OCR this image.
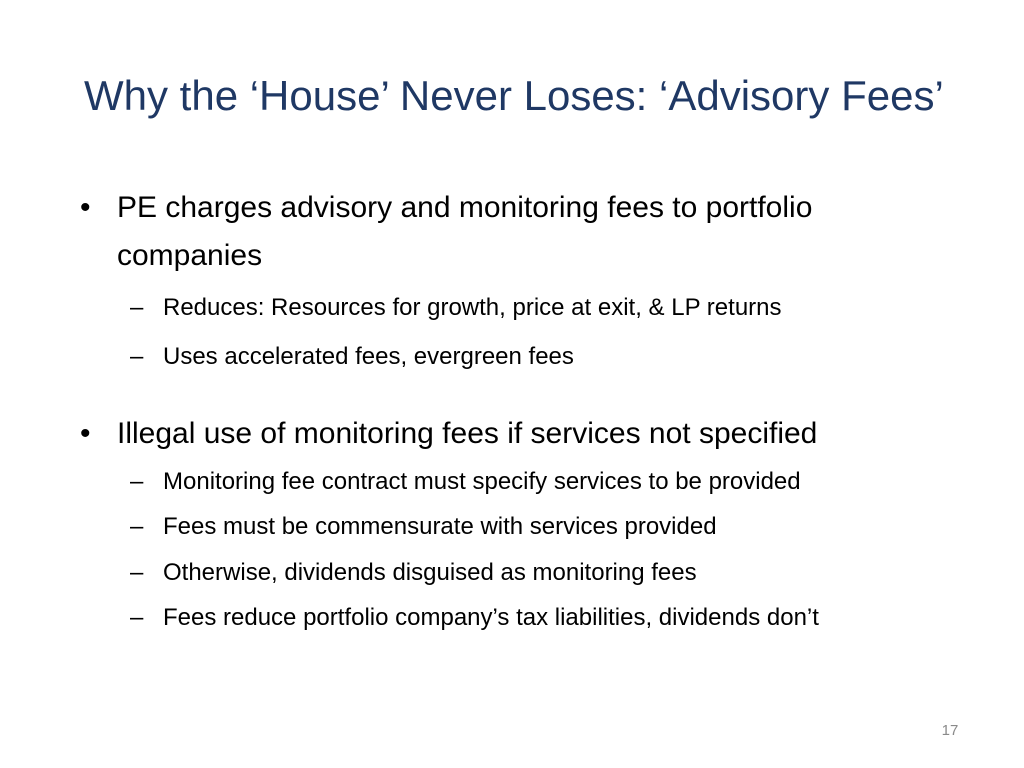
Why the ‘House’ Never Loses: ‘Advisory Fees’
• PE charges advisory and monitoring fees to portfolio companies
– Reduces: Resources for growth, price at exit, & LP returns
– Uses accelerated fees, evergreen fees
• Illegal use of monitoring fees if services not specified
– Monitoring fee contract must specify services to be provided
– Fees must be commensurate with services provided
– Otherwise, dividends disguised as monitoring fees
– Fees reduce portfolio company’s tax liabilities, dividends don’t
17
